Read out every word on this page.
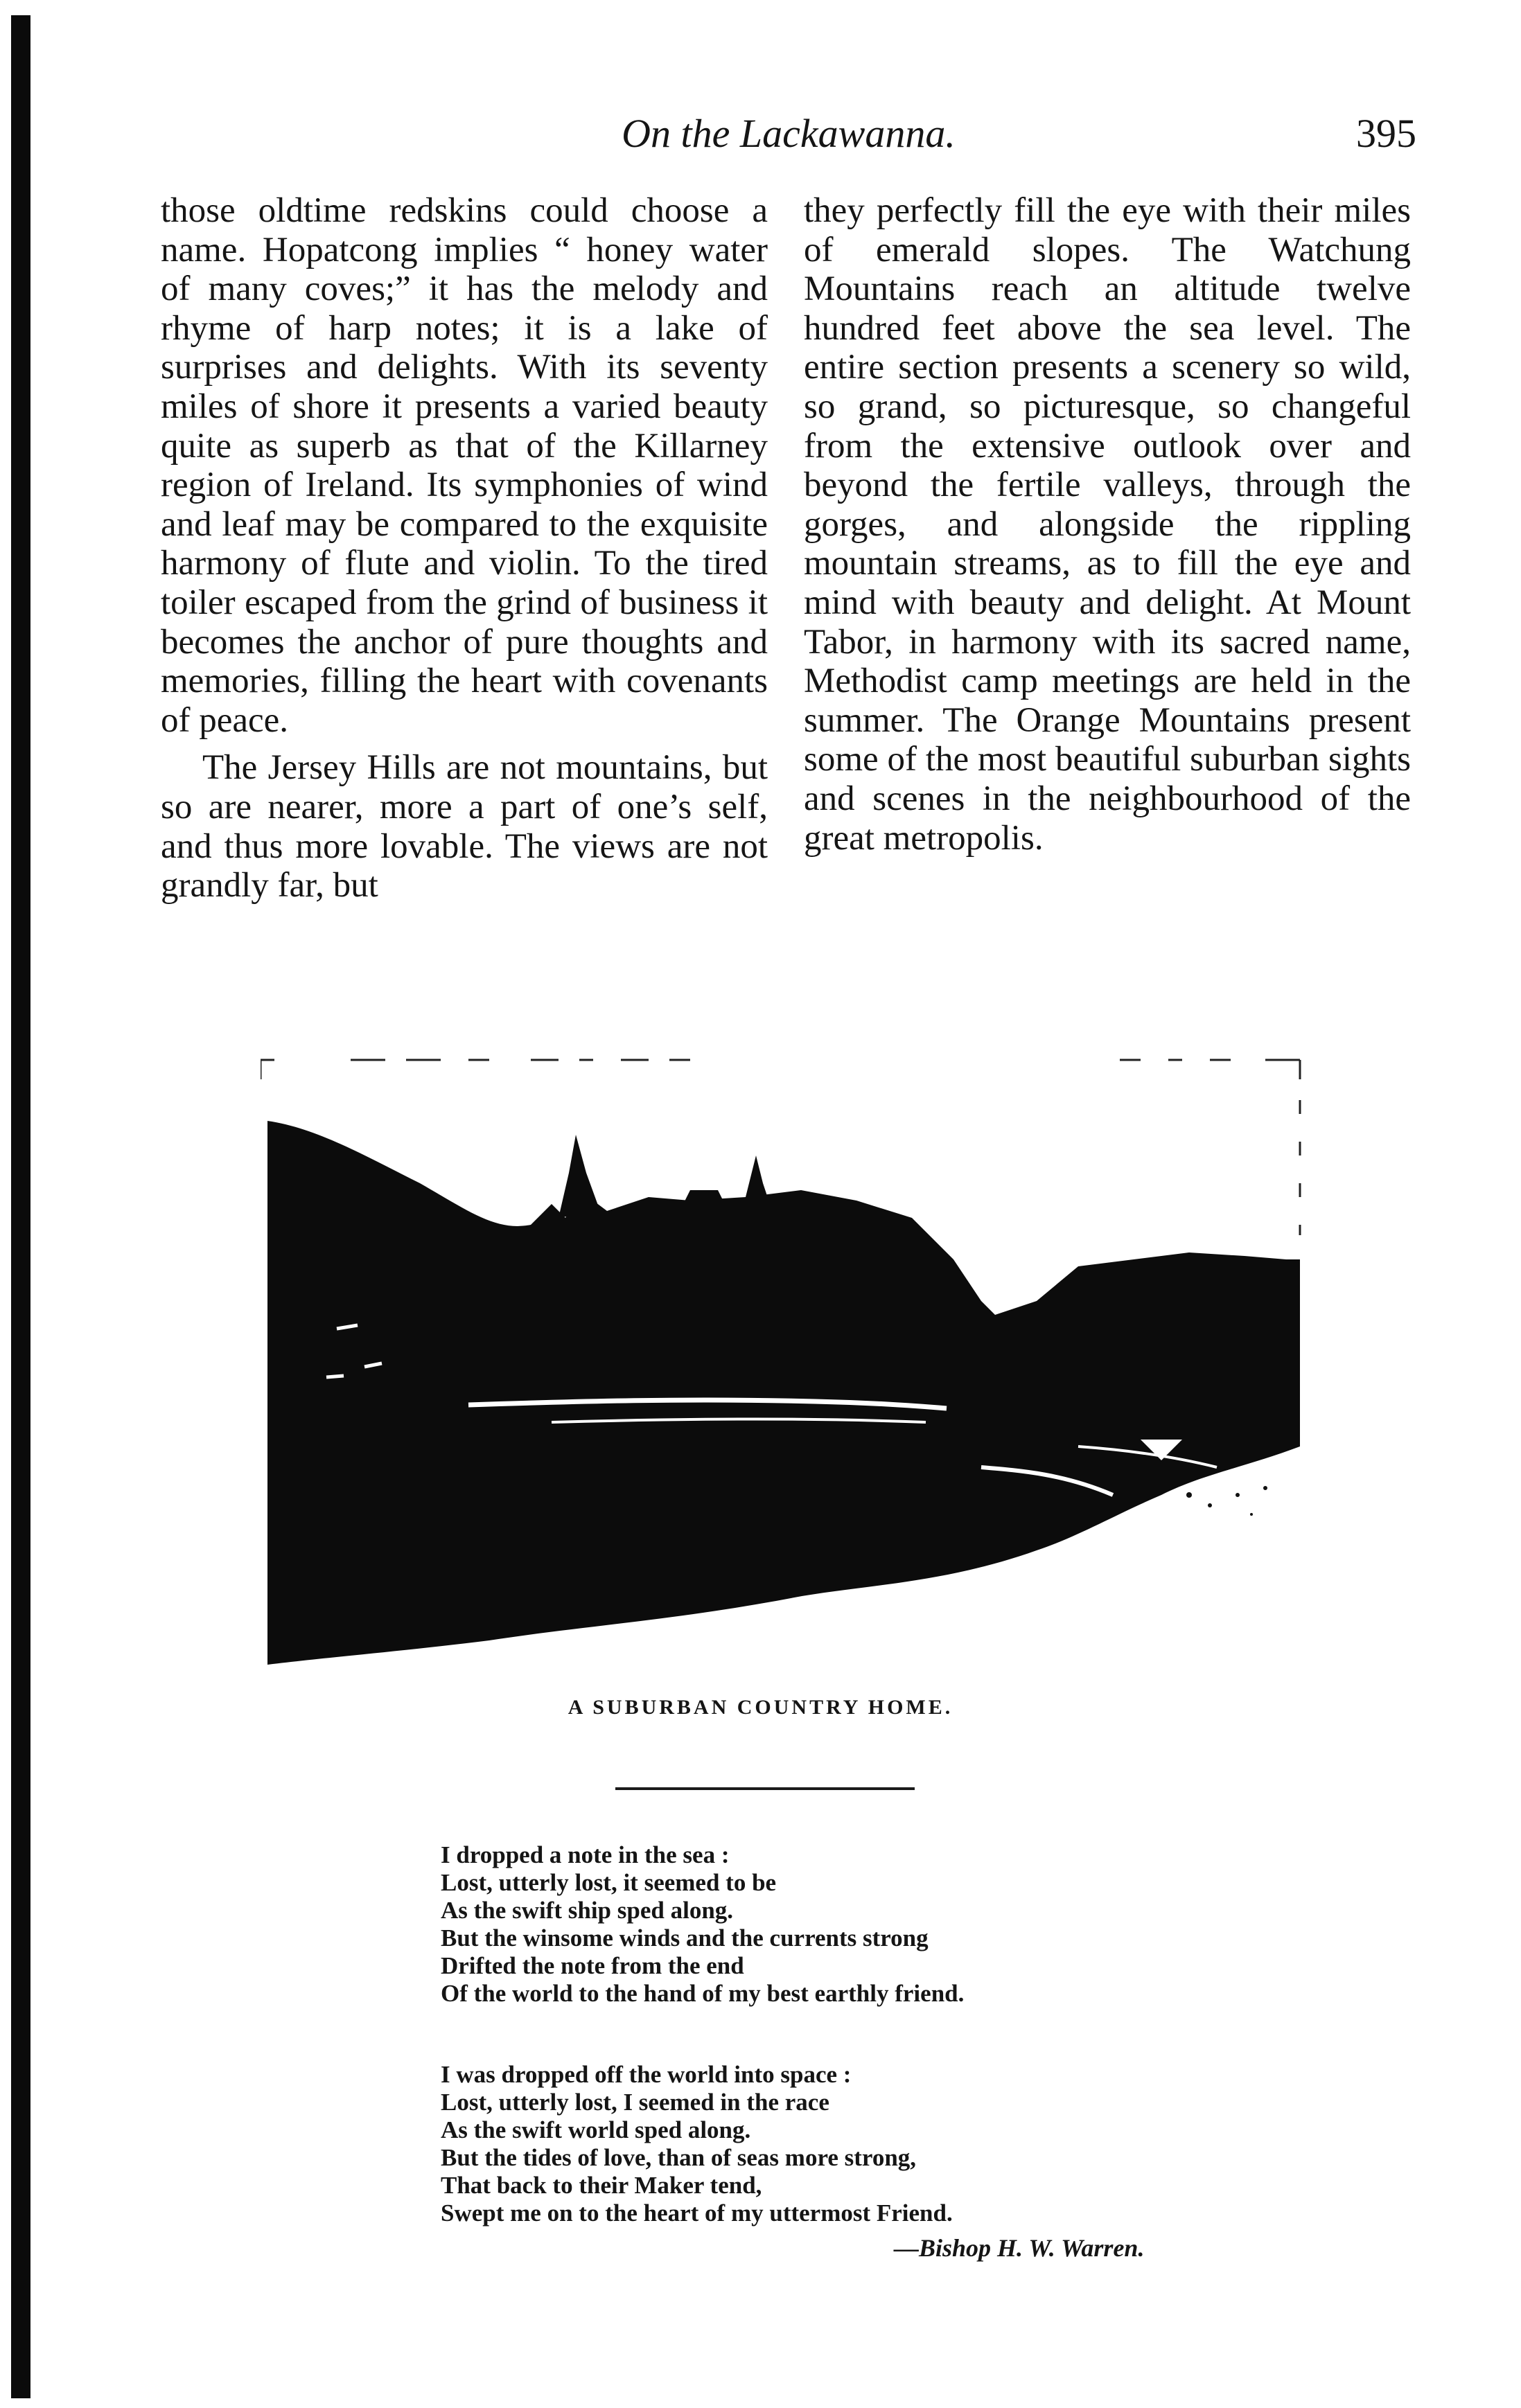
On the Lackawanna.	395

those oldtime redskins could choose a name. Hopatcong implies “ honey water of many coves;” it has the melody and rhyme of harp notes; it is a lake of surprises and delights. With its seventy miles of shore it presents a varied beauty quite as superb as that of the Killarney region of Ireland. Its symphonies of wind and leaf may be compared to the exquisite harmony of flute and violin. To the tired toiler escaped from the grind of business it becomes the anchor of pure thoughts and memories, filling the heart with covenants of peace.

The Jersey Hills are not mountains, but so are nearer, more a part of one’s self, and thus more lovable. The views are not grandly far, but

they perfectly fill the eye with their miles of emerald slopes. The Watchung Mountains reach an altitude twelve hundred feet above the sea level. The entire section presents a scenery so wild, so grand, so picturesque, so changeful from the extensive outlook over and beyond the fertile valleys, through the gorges, and alongside the rippling mountain streams, as to fill the eye and mind with beauty and delight. At Mount Tabor, in harmony with its sacred name, Methodist camp meetings are held in the summer. The Orange Mountains present some of the most beautiful suburban sights and scenes in the neighbourhood of the great metropolis.

A SUBURBAN COUNTRY HOME.
I dropped a note in the sea :
Lost, utterly lost, it seemed to be
As the swift ship sped along.
But the winsome winds and the currents strong
Drifted the note from the end
Of the world to the hand of my best earthly friend.
I was dropped off the world into space :
Lost, utterly lost, I seemed in the race
As the swift world sped along.
But the tides of love, than of seas more strong,
That back to their Maker tend,
Swept me on to the heart of my uttermost Friend.
—Bishop H. W. Warren.
